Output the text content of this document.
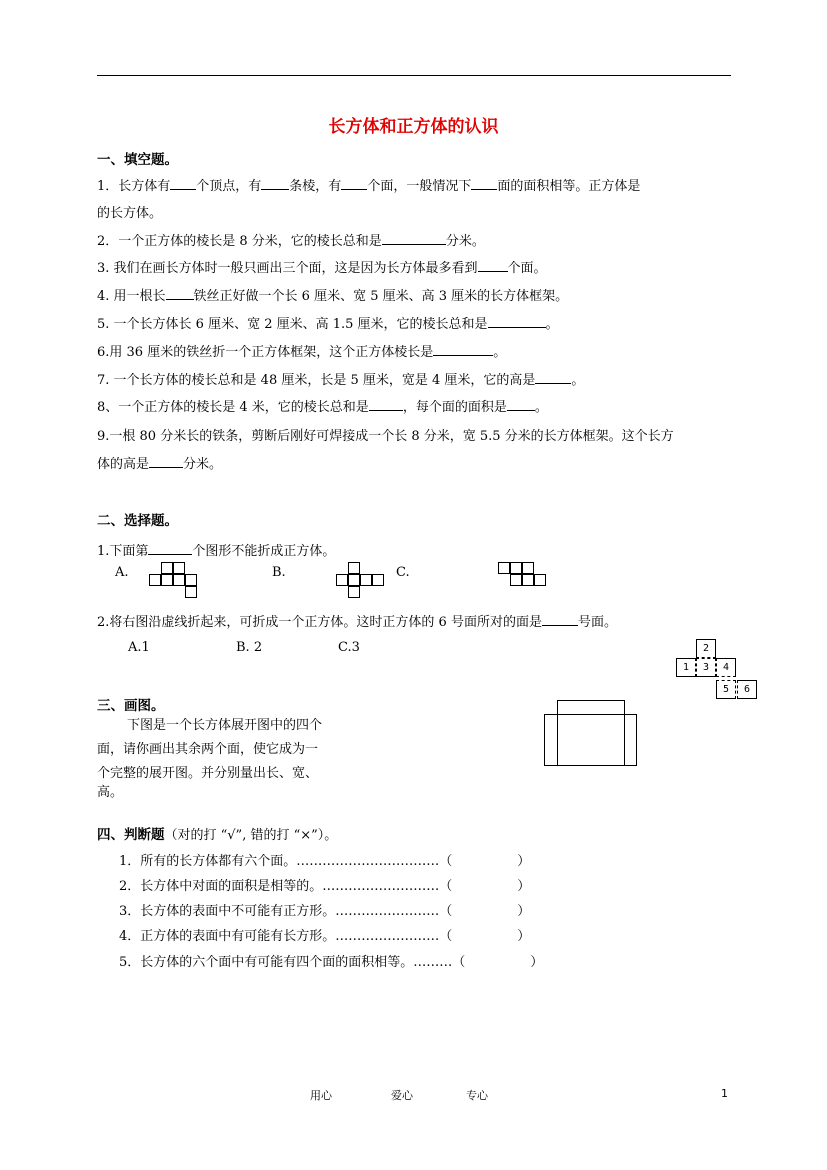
长方体和正方体的认识
一、填空题。
1．长方体有 个顶点，有 条棱，有 个面，一般情况下 面的面积相等。正方体是
的长方体。
2．一个正方体的棱长是 8 分米，它的棱长总和是	分米。
3. 我们在画长方体时一般只画出三个面，这是因为长方体最多看到 个面。
4. 用一根长 铁丝正好做一个长 6 厘米、宽 5 厘米、高 3 厘米的长方体框架。
5. 一个长方体长 6 厘米、宽 2 厘米、高 1.5 厘米，它的棱长总和是	。
6.用 36 厘米的铁丝折一个正方体框架，这个正方体棱长是	。
7. 一个长方体的棱长总和是 48 厘米，长是 5 厘米，宽是 4 厘米，它的高是	。
8、一个正方体的棱长是 4 米，它的棱长总和是	，每个面的面积是 。
9.一根 80 分米长的铁条，剪断后刚好可焊接成一个长 8 分米，宽 5.5 分米的长方体框架。这个长方
体的高是	分米。
二、选择题。
1.下面第	个图形不能折成正方体。
A.	B.	C.
2.将右图沿虚线折起来，可折成一个正方体。这时正方体的 6 号面所对的面是	号面。
A.1	B. 2	C.3	2
1	3	4
5	6
三、画图。
下图是一个长方体展开图中的四个
面，请你画出其余两个面，使它成为一
个完整的展开图。并分别量出长、宽、
高。
四、判断题（对的打 “√”, 错的打 “×”）。
1．所有的长方体都有六个面。……………………………（　　　　　）
2．长方体中对面的面积是相等的。………………………（　　　　　）
3．长方体的表面中不可能有正方形。……………………（　　　　　）
4．正方体的表面中有可能有长方形。……………………（　　　　　）
5．长方体的六个面中有可能有四个面的面积相等。………（　　　　　）
用心	爱心	专心	1
